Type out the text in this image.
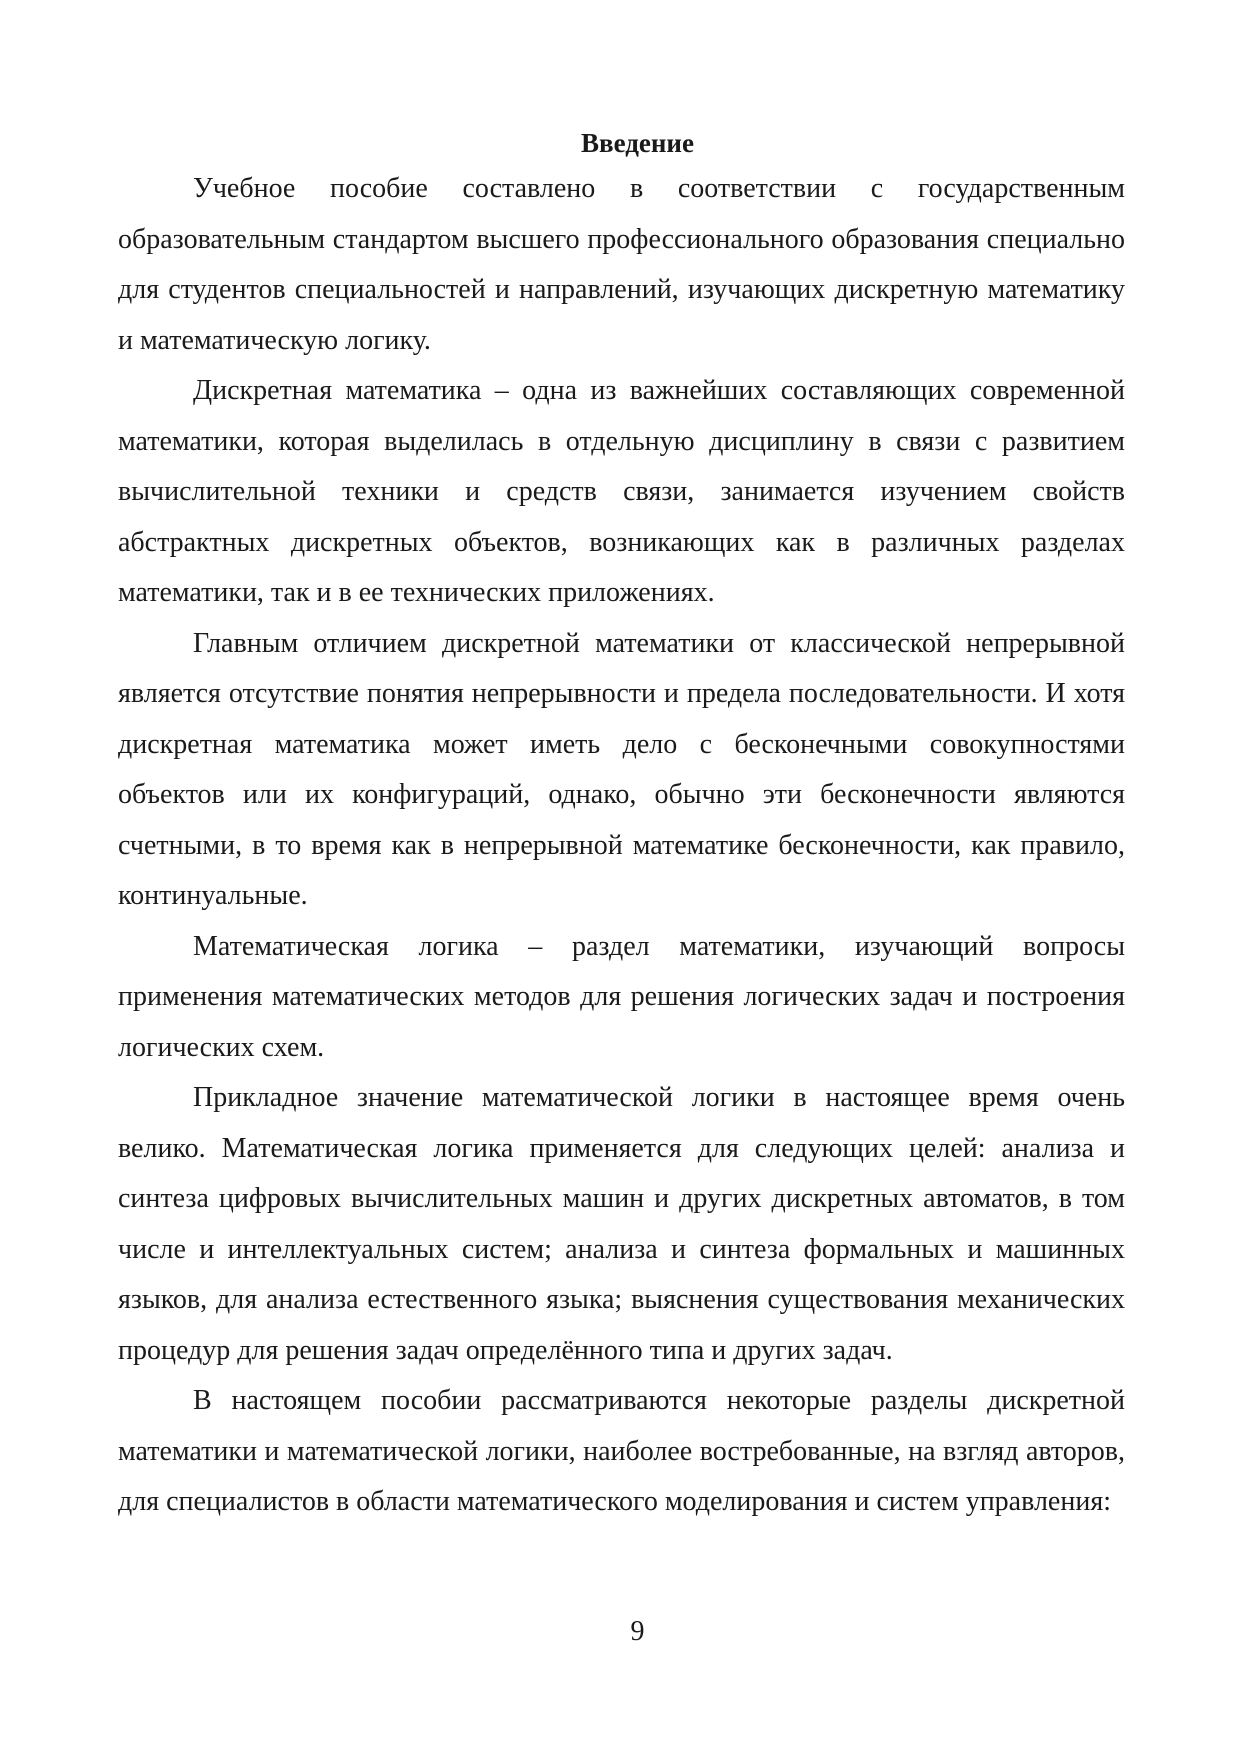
Введение

Учебное пособие составлено в соответствии с государственным образовательным стандартом высшего профессионального образования специально для студентов специальностей и направлений, изучающих дискретную математику и математическую логику.

Дискретная математика – одна из важнейших составляющих современной математики, которая выделилась в отдельную дисциплину в связи с развитием вычислительной техники и средств связи, занимается изучением свойств абстрактных дискретных объектов, возникающих как в различных разделах математики, так и в ее технических приложениях.

Главным отличием дискретной математики от классической непрерывной является отсутствие понятия непрерывности и предела последовательности. И хотя дискретная математика может иметь дело с бесконечными совокупностями объектов или их конфигураций, однако, обычно эти бесконечности являются счетными, в то время как в непрерывной математике бесконечности, как правило, континуальные.

Математическая логика – раздел математики, изучающий вопросы применения математических методов для решения логических задач и построения логических схем.

Прикладное значение математической логики в настоящее время очень велико. Математическая логика применяется для следующих целей: анализа и синтеза цифровых вычислительных машин и других дискретных автоматов, в том числе и интеллектуальных систем; анализа и синтеза формальных и машинных языков, для анализа естественного языка; выяснения существования механических процедур для решения задач определённого типа и других задач.

В настоящем пособии рассматриваются некоторые разделы дискретной математики и математической логики, наиболее востребованные, на взгляд авторов, для специалистов в области математического моделирования и систем управления:

9
